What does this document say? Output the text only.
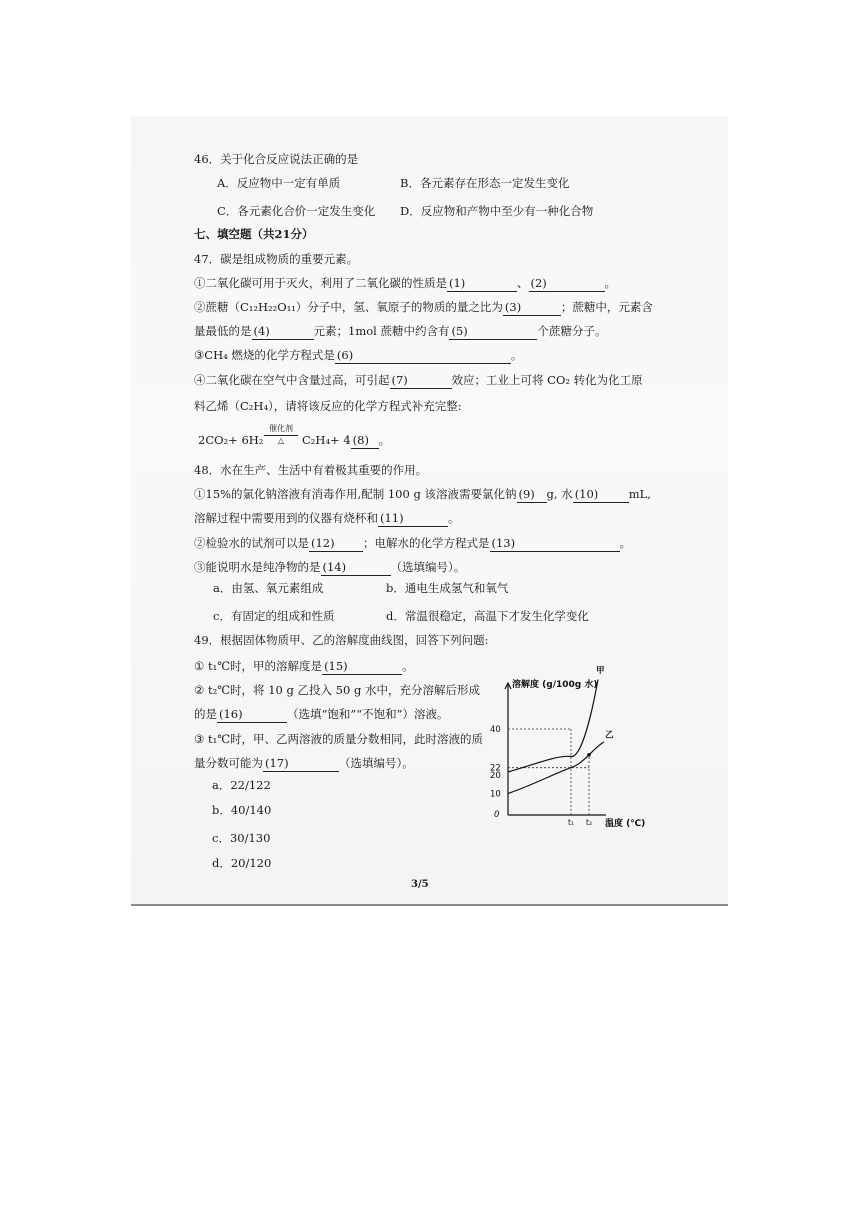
46．关于化合反应说法正确的是
A．反应物中一定有单质	B．各元素存在形态一定发生变化
C．各元素化合价一定发生变化 D．反应物和产物中至少有一种化合物
七、填空题（共21分）
47．碳是组成物质的重要元素。
①二氧化碳可用于灭火，利用了二氧化碳的性质是 (1)	、 (2)	。
②蔗糖（C₁₂H₂₂O₁₁）分子中，氢、氧原子的物质的量之比为 (3)	；蔗糖中，元素含
量最低的是 (4)	元素；1mol 蔗糖中约含有 (5)	个蔗糖分子。
③CH₄ 燃烧的化学方程式是 (6)	。
④二氧化碳在空气中含量过高，可引起 (7)	效应；工业上可将 CO₂ 转化为化工原
料乙烯（C₂H₄），请将该反应的化学方程式补充完整:
2CO₂+ 6H₂
催化剂
△	C₂H₄+ 4 (8) 。
48．水在生产、生活中有着极其重要的作用。
①15%的氯化钠溶液有消毒作用,配制 100 g 该溶液需要氯化钠 (9) g, 水 (10)	mL,
溶解过程中需要用到的仪器有烧杯和 (11)	。
②检验水的试剂可以是 (12) ；电解水的化学方程式是 (13)	。
③能说明水是纯净物的是 (14)	（选填编号）。
a．由氢、氧元素组成	b．通电生成氢气和氧气
c．有固定的组成和性质	d．常温很稳定，高温下才发生化学变化
49．根据固体物质甲、乙的溶解度曲线图，回答下列问题:
① t₁℃时，甲的溶解度是 (15)	。
② t₂℃时，将 10 g 乙投入 50 g 水中，充分溶解后形成
的是 (16)	（选填“饱和”“不饱和”）溶液。
③ t₁℃时，甲、乙两溶液的质量分数相同，此时溶液的质
量分数可能为 (17)	（选填编号）。
a．22/122
b．40/140
c．30/130
d．20/120
3/5
溶解度 (g/100g 水)
温度 (℃)
10
20
22
40
0
t₁ t₂
甲
乙
